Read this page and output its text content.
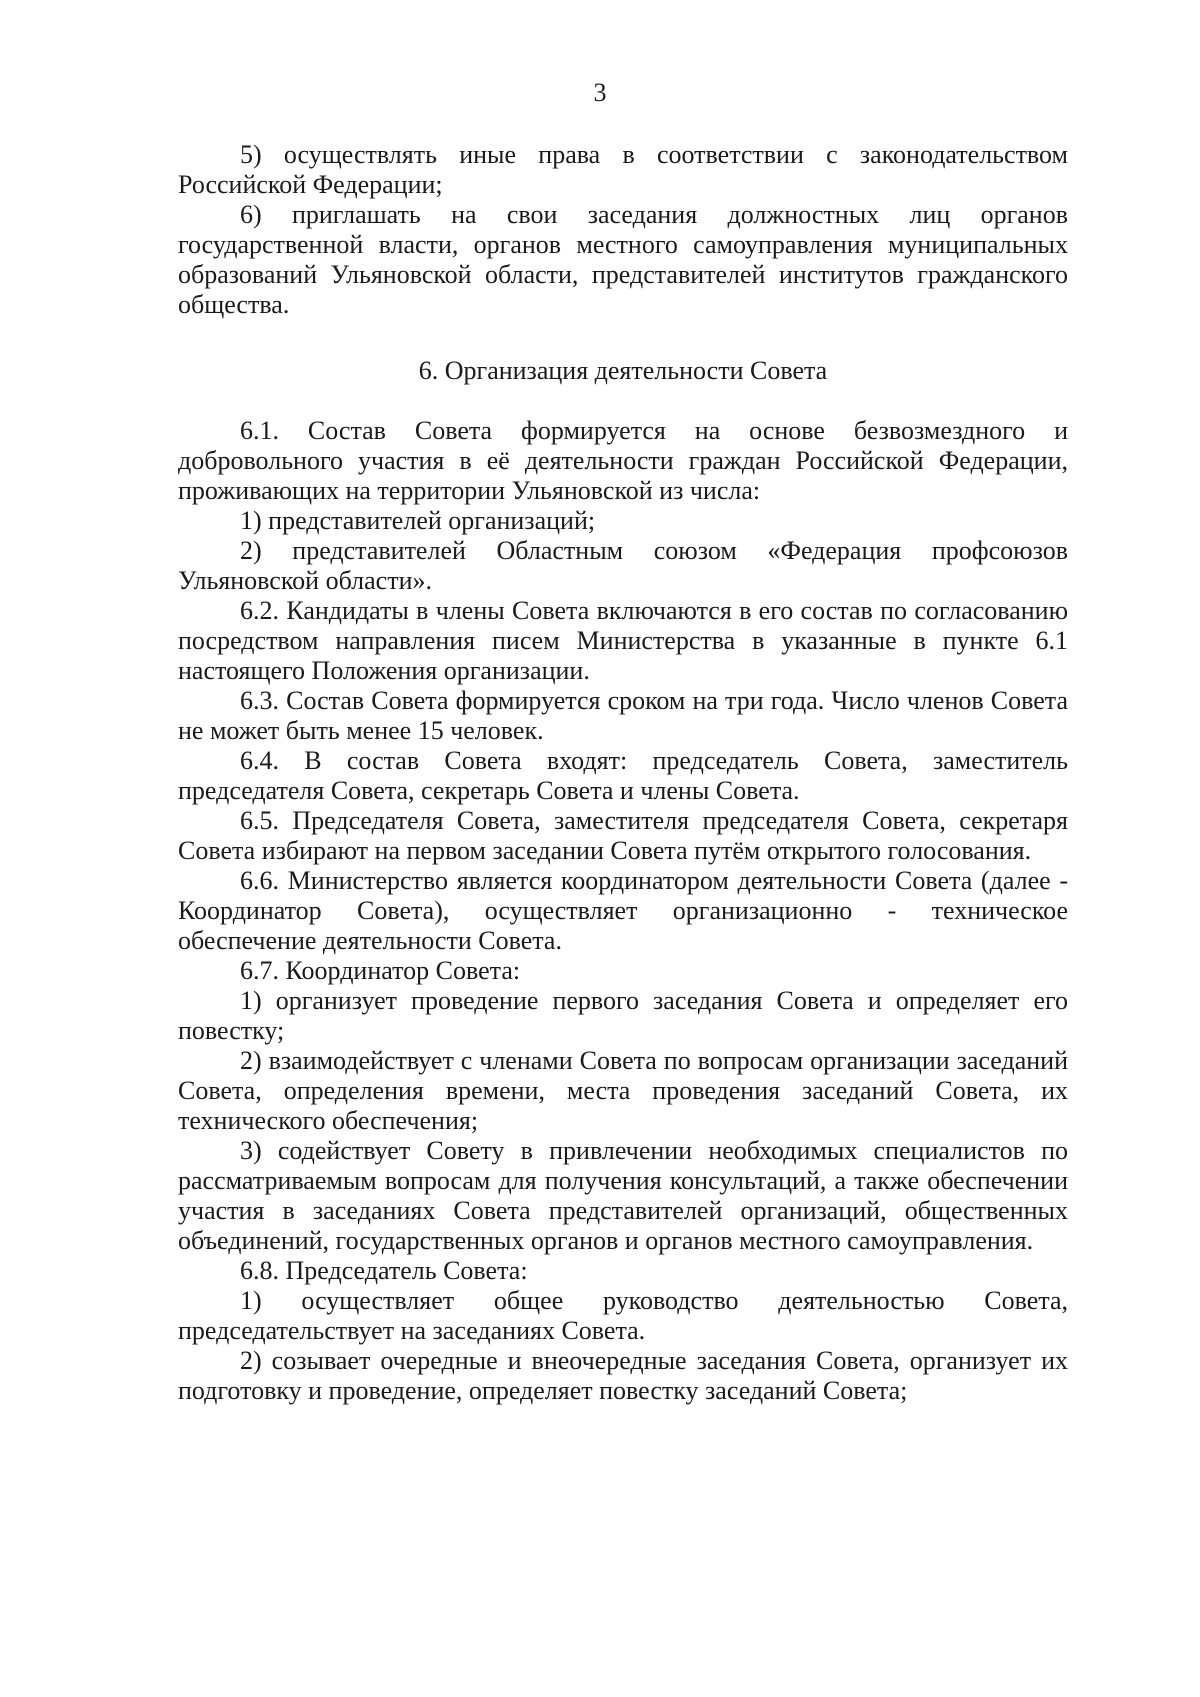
3

5) осуществлять иные права в соответствии с законодательством Российской Федерации;

6) приглашать на свои заседания должностных лиц органов государственной власти, органов местного самоуправления муниципальных образований Ульяновской области, представителей институтов гражданского общества.

6. Организация деятельности Совета

6.1. Состав Совета формируется на основе безвозмездного и добровольного участия в её деятельности граждан Российской Федерации, проживающих на территории Ульяновской из числа:

1) представителей организаций;

2) представителей Областным союзом «Федерация профсоюзов Ульяновской области».

6.2. Кандидаты в члены Совета включаются в его состав по согласованию посредством направления писем Министерства в указанные в пункте 6.1 настоящего Положения организации.

6.3. Состав Совета формируется сроком на три года. Число членов Совета не может быть менее 15 человек.

6.4. В состав Совета входят: председатель Совета, заместитель председателя Совета, секретарь Совета и члены Совета.

6.5. Председателя Совета, заместителя председателя Совета, секретаря Совета избирают на первом заседании Совета путём открытого голосования.

6.6. Министерство является координатором деятельности Совета (далее - Координатор Совета), осуществляет организационно - техническое обеспечение деятельности Совета.

6.7. Координатор Совета:

1) организует проведение первого заседания Совета и определяет его повестку;

2) взаимодействует с членами Совета по вопросам организации заседаний Совета, определения времени, места проведения заседаний Совета, их технического обеспечения;

3) содействует Совету в привлечении необходимых специалистов по рассматриваемым вопросам для получения консультаций, а также обеспечении участия в заседаниях Совета представителей организаций, общественных объединений, государственных органов и органов местного самоуправления.

6.8. Председатель Совета:

1) осуществляет общее руководство деятельностью Совета, председательствует на заседаниях Совета.

2) созывает очередные и внеочередные заседания Совета, организует их подготовку и проведение, определяет повестку заседаний Совета;
